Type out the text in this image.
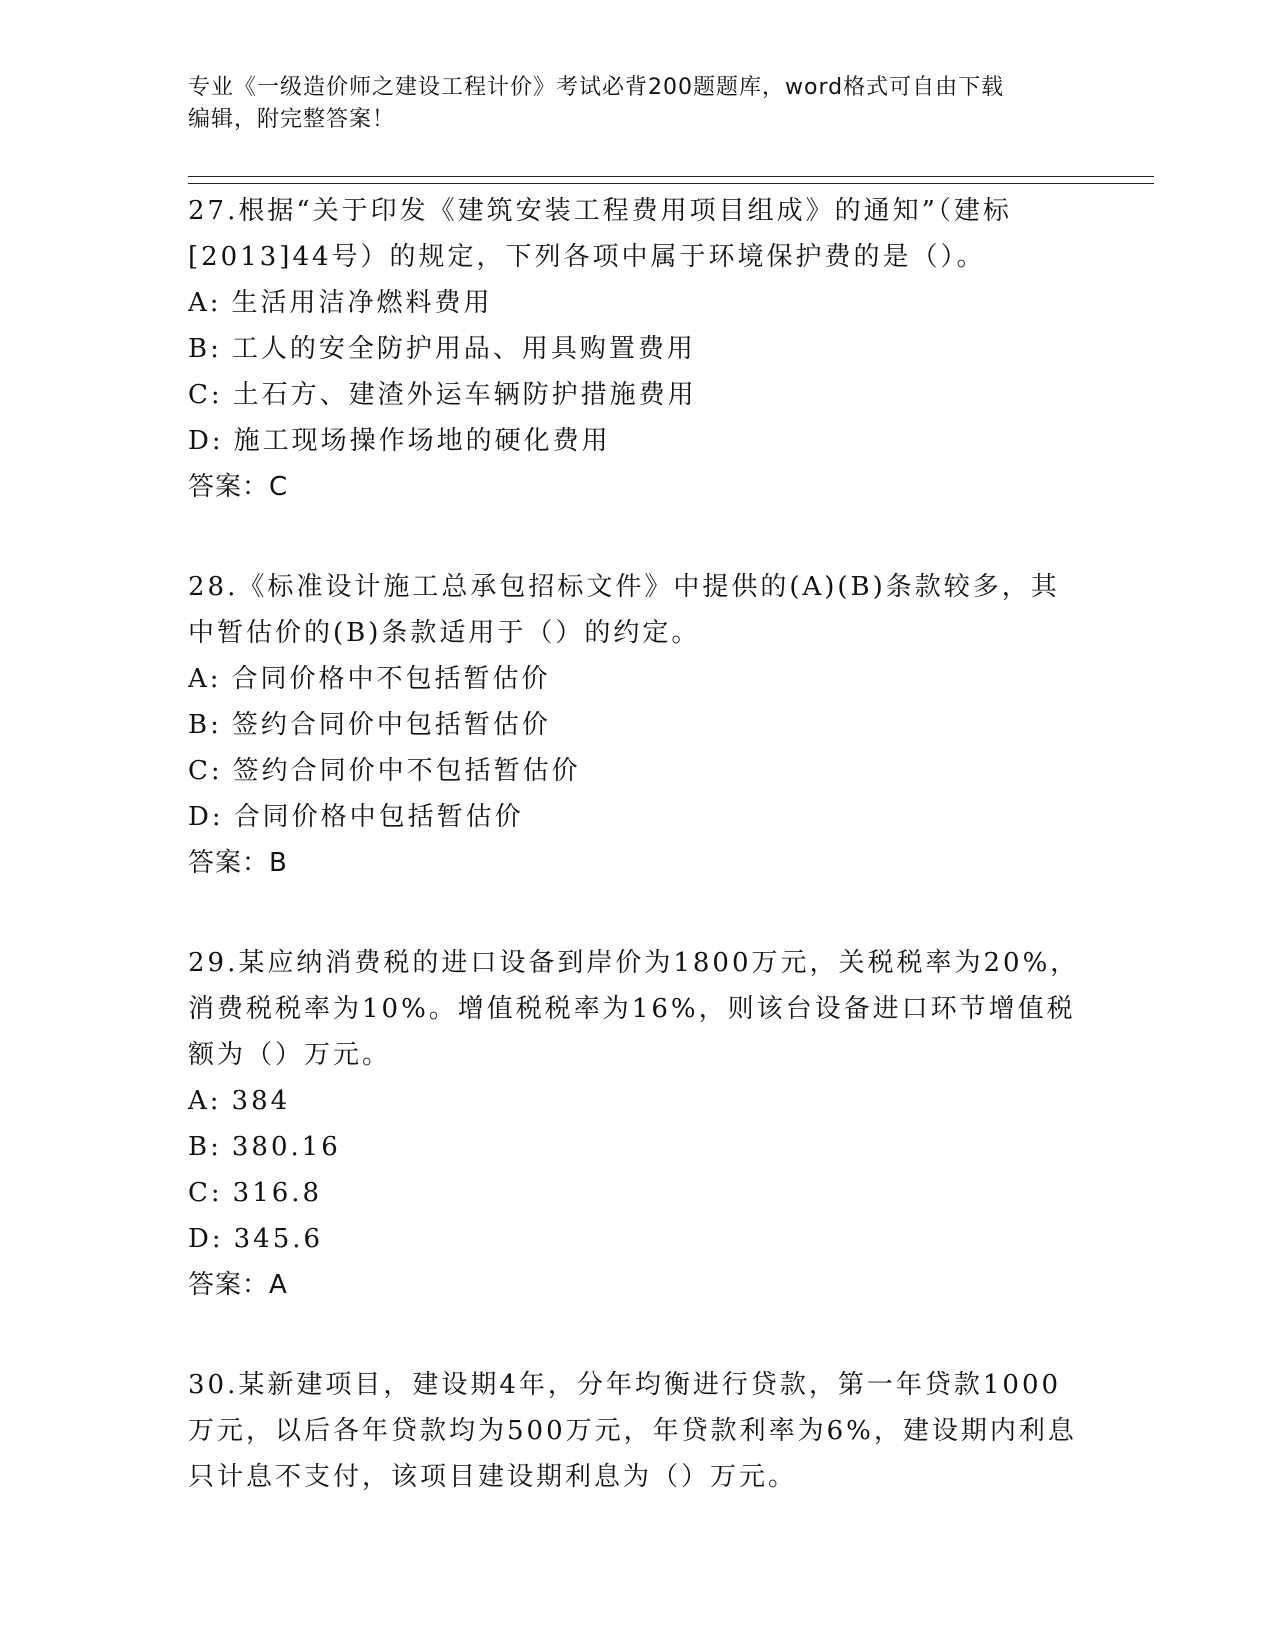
专业《一级造价师之建设工程计价》考试必背200题题库，word格式可自由下载
编辑，附完整答案！

27.根据“关于印发《建筑安装工程费用项目组成》的通知”（建标[2013]44号）的规定，下列各项中属于环境保护费的是（）。

A: 生活用洁净燃料费用
B: 工人的安全防护用品、用具购置费用
C: 土石方、建渣外运车辆防护措施费用
D: 施工现场操作场地的硬化费用
答案：C

28.《标准设计施工总承包招标文件》中提供的(A)(B)条款较多，其中暂估价的(B)条款适用于（）的约定。

A: 合同价格中不包括暂估价
B: 签约合同价中包括暂估价
C: 签约合同价中不包括暂估价
D: 合同价格中包括暂估价
答案：B

29.某应纳消费税的进口设备到岸价为1800万元，关税税率为20%，消费税税率为10%。增值税税率为16%，则该台设备进口环节增值税额为（）万元。

A: 384
B: 380.16
C: 316.8
D: 345.6
答案：A

30.某新建项目，建设期4年，分年均衡进行贷款，第一年贷款1000万元，以后各年贷款均为500万元，年贷款利率为6%，建设期内利息只计息不支付，该项目建设期利息为（）万元。
